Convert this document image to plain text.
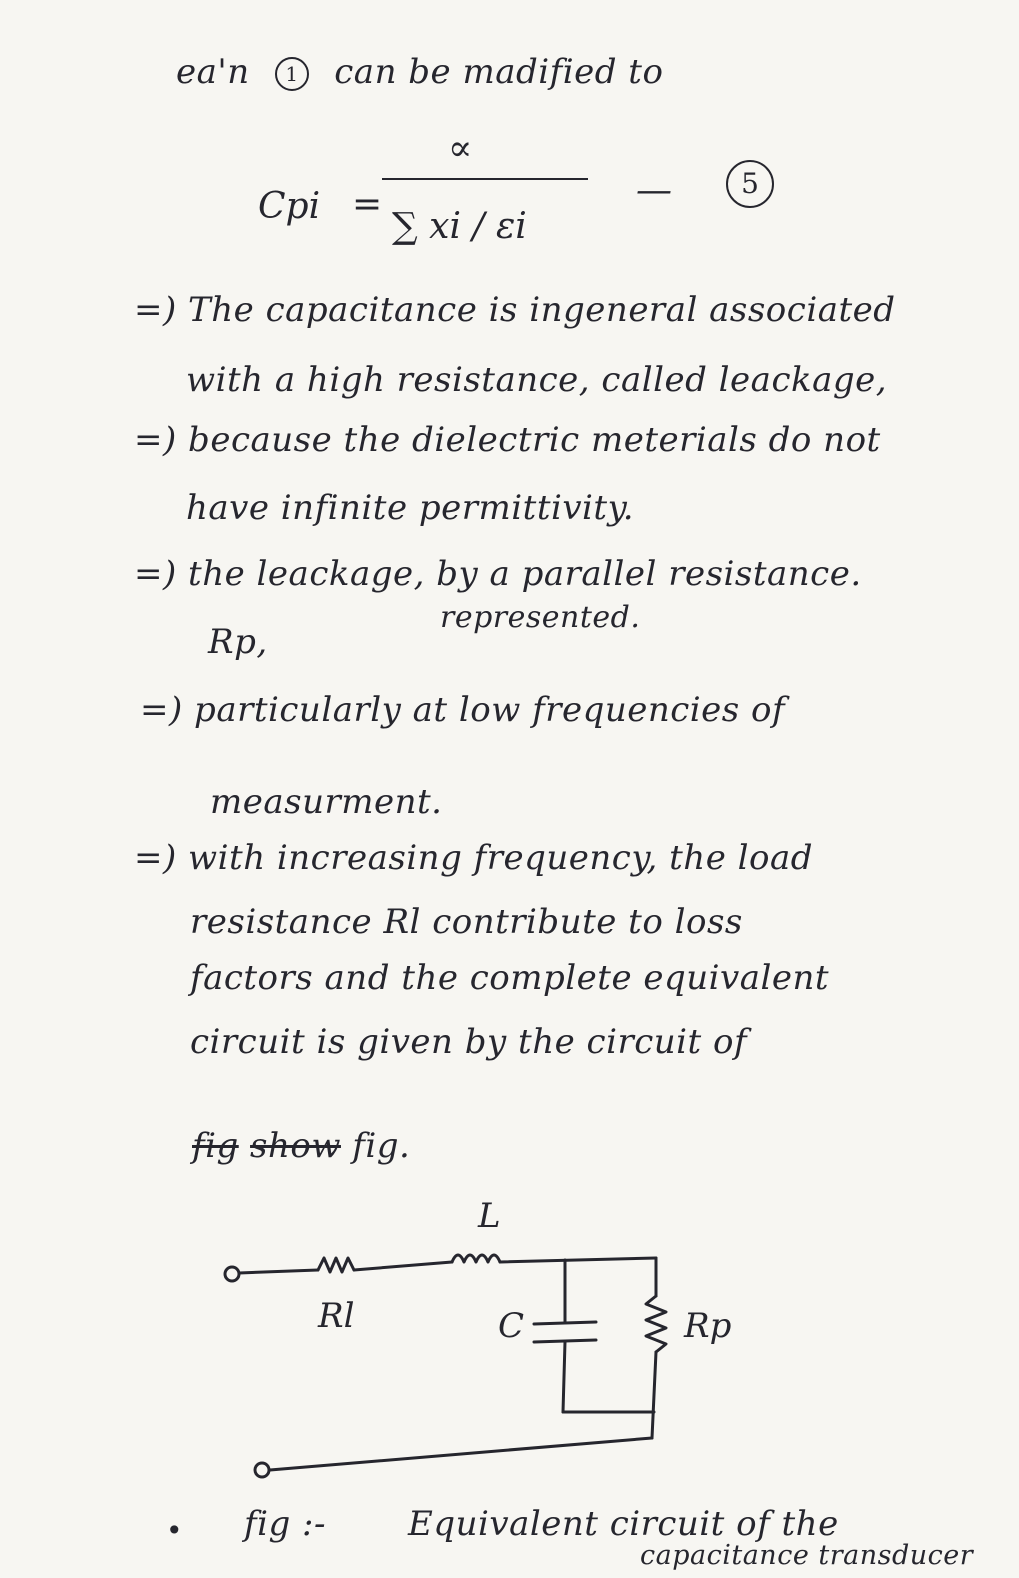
ea'n 1 can be madified to
Cpi =
∝
∑ xi / εi
—	5
=) The capacitance is ingeneral associated
with a high resistance, called leackage,
=) because the dielectric meterials do not
have infinite permittivity.
=) the leackage, by a parallel resistance.
Rp,
represented.
=) particularly at low frequencies of
measurment.
=) with increasing frequency, the load
resistance Rl contribute to loss
factors and the complete equivalent
circuit is given by the circuit of
fig show fig.
L
Rl	C	Rp
• fig :- Equivalent circuit of the
capacitance transducer
